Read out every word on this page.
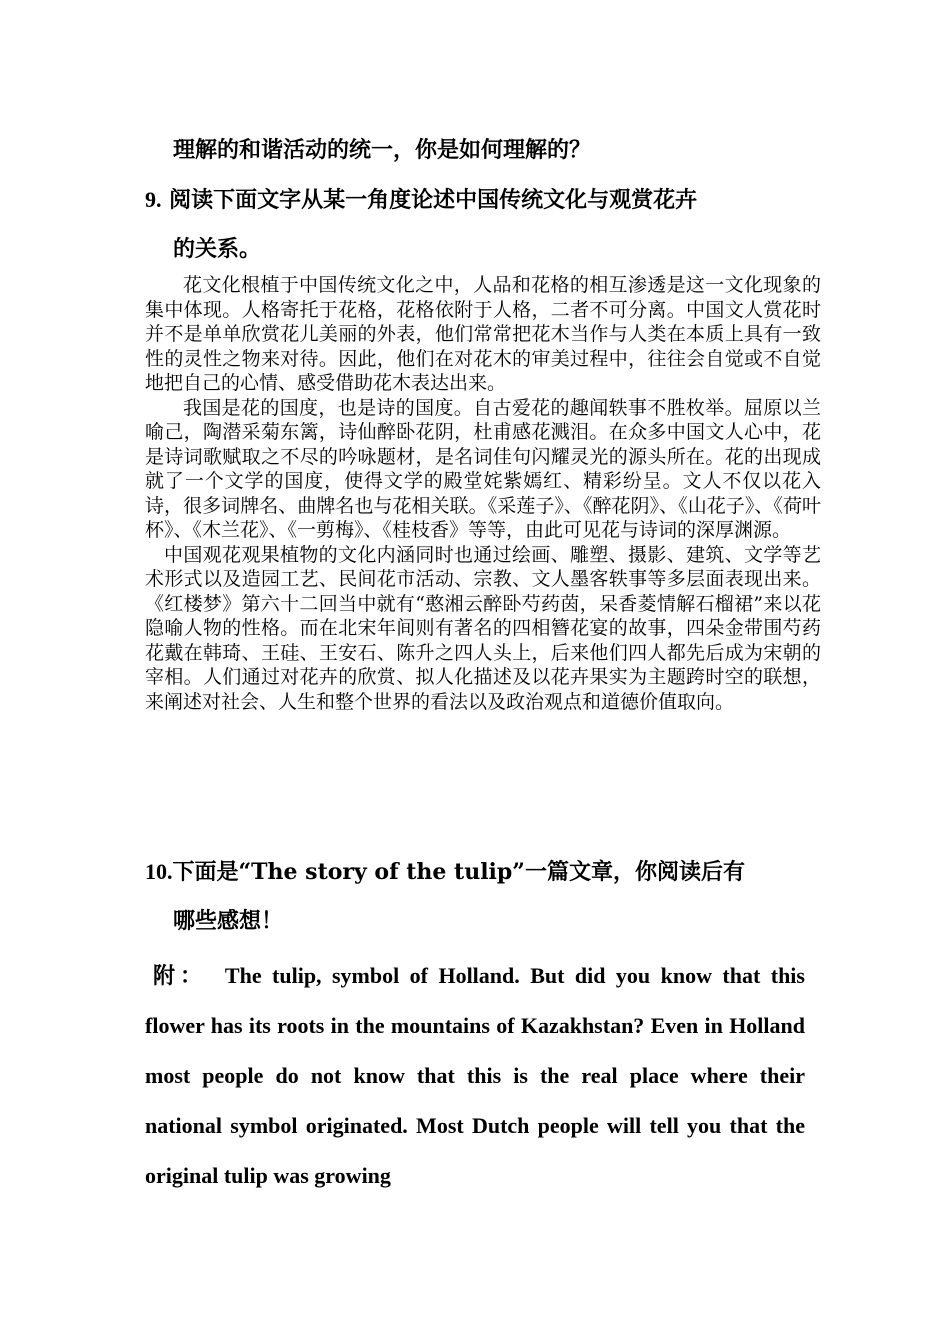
理解的和谐活动的统一，你是如何理解的？
9. 阅读下面文字从某一角度论述中国传统文化与观赏花卉
的关系。

花文化根植于中国传统文化之中，人品和花格的相互渗透是这一文化现象的集中体现。人格寄托于花格，花格依附于人格，二者不可分离。中国文人赏花时并不是单单欣赏花儿美丽的外表，他们常常把花木当作与人类在本质上具有一致性的灵性之物来对待。因此，他们在对花木的审美过程中，往往会自觉或不自觉地把自己的心情、感受借助花木表达出来。

我国是花的国度，也是诗的国度。自古爱花的趣闻轶事不胜枚举。屈原以兰喻己，陶潜采菊东篱，诗仙醉卧花阴，杜甫感花溅泪。在众多中国文人心中，花是诗词歌赋取之不尽的吟咏题材，是名词佳句闪耀灵光的源头所在。花的出现成就了一个文学的国度，使得文学的殿堂姹紫嫣红、精彩纷呈。文人不仅以花入诗，很多词牌名、曲牌名也与花相关联。《采莲子》、《醉花阴》、《山花子》、《荷叶杯》、《木兰花》、《一剪梅》、《桂枝香》等等，由此可见花与诗词的深厚渊源。

中国观花观果植物的文化内涵同时也通过绘画、雕塑、摄影、建筑、文学等艺术形式以及造园工艺、民间花市活动、宗教、文人墨客轶事等多层面表现出来。《红楼梦》第六十二回当中就有“憨湘云醉卧芍药茵，呆香菱情解石榴裙”来以花隐喻人物的性格。而在北宋年间则有著名的四相簪花宴的故事，四朵金带围芍药花戴在韩琦、王硅、王安石、陈升之四人头上，后来他们四人都先后成为宋朝的宰相。人们通过对花卉的欣赏、拟人化描述及以花卉果实为主题跨时空的联想，来阐述对社会、人生和整个世界的看法以及政治观点和道德价值取向。

10.下面是“The story of the tulip”一篇文章，你阅读后有
哪些感想！
附： The tulip, symbol of Holland. But did you know that this flower has its roots in the mountains of Kazakhstan? Even in Holland most people do not know that this is the real place where their national symbol originated. Most Dutch people will tell you that the original tulip was growing
